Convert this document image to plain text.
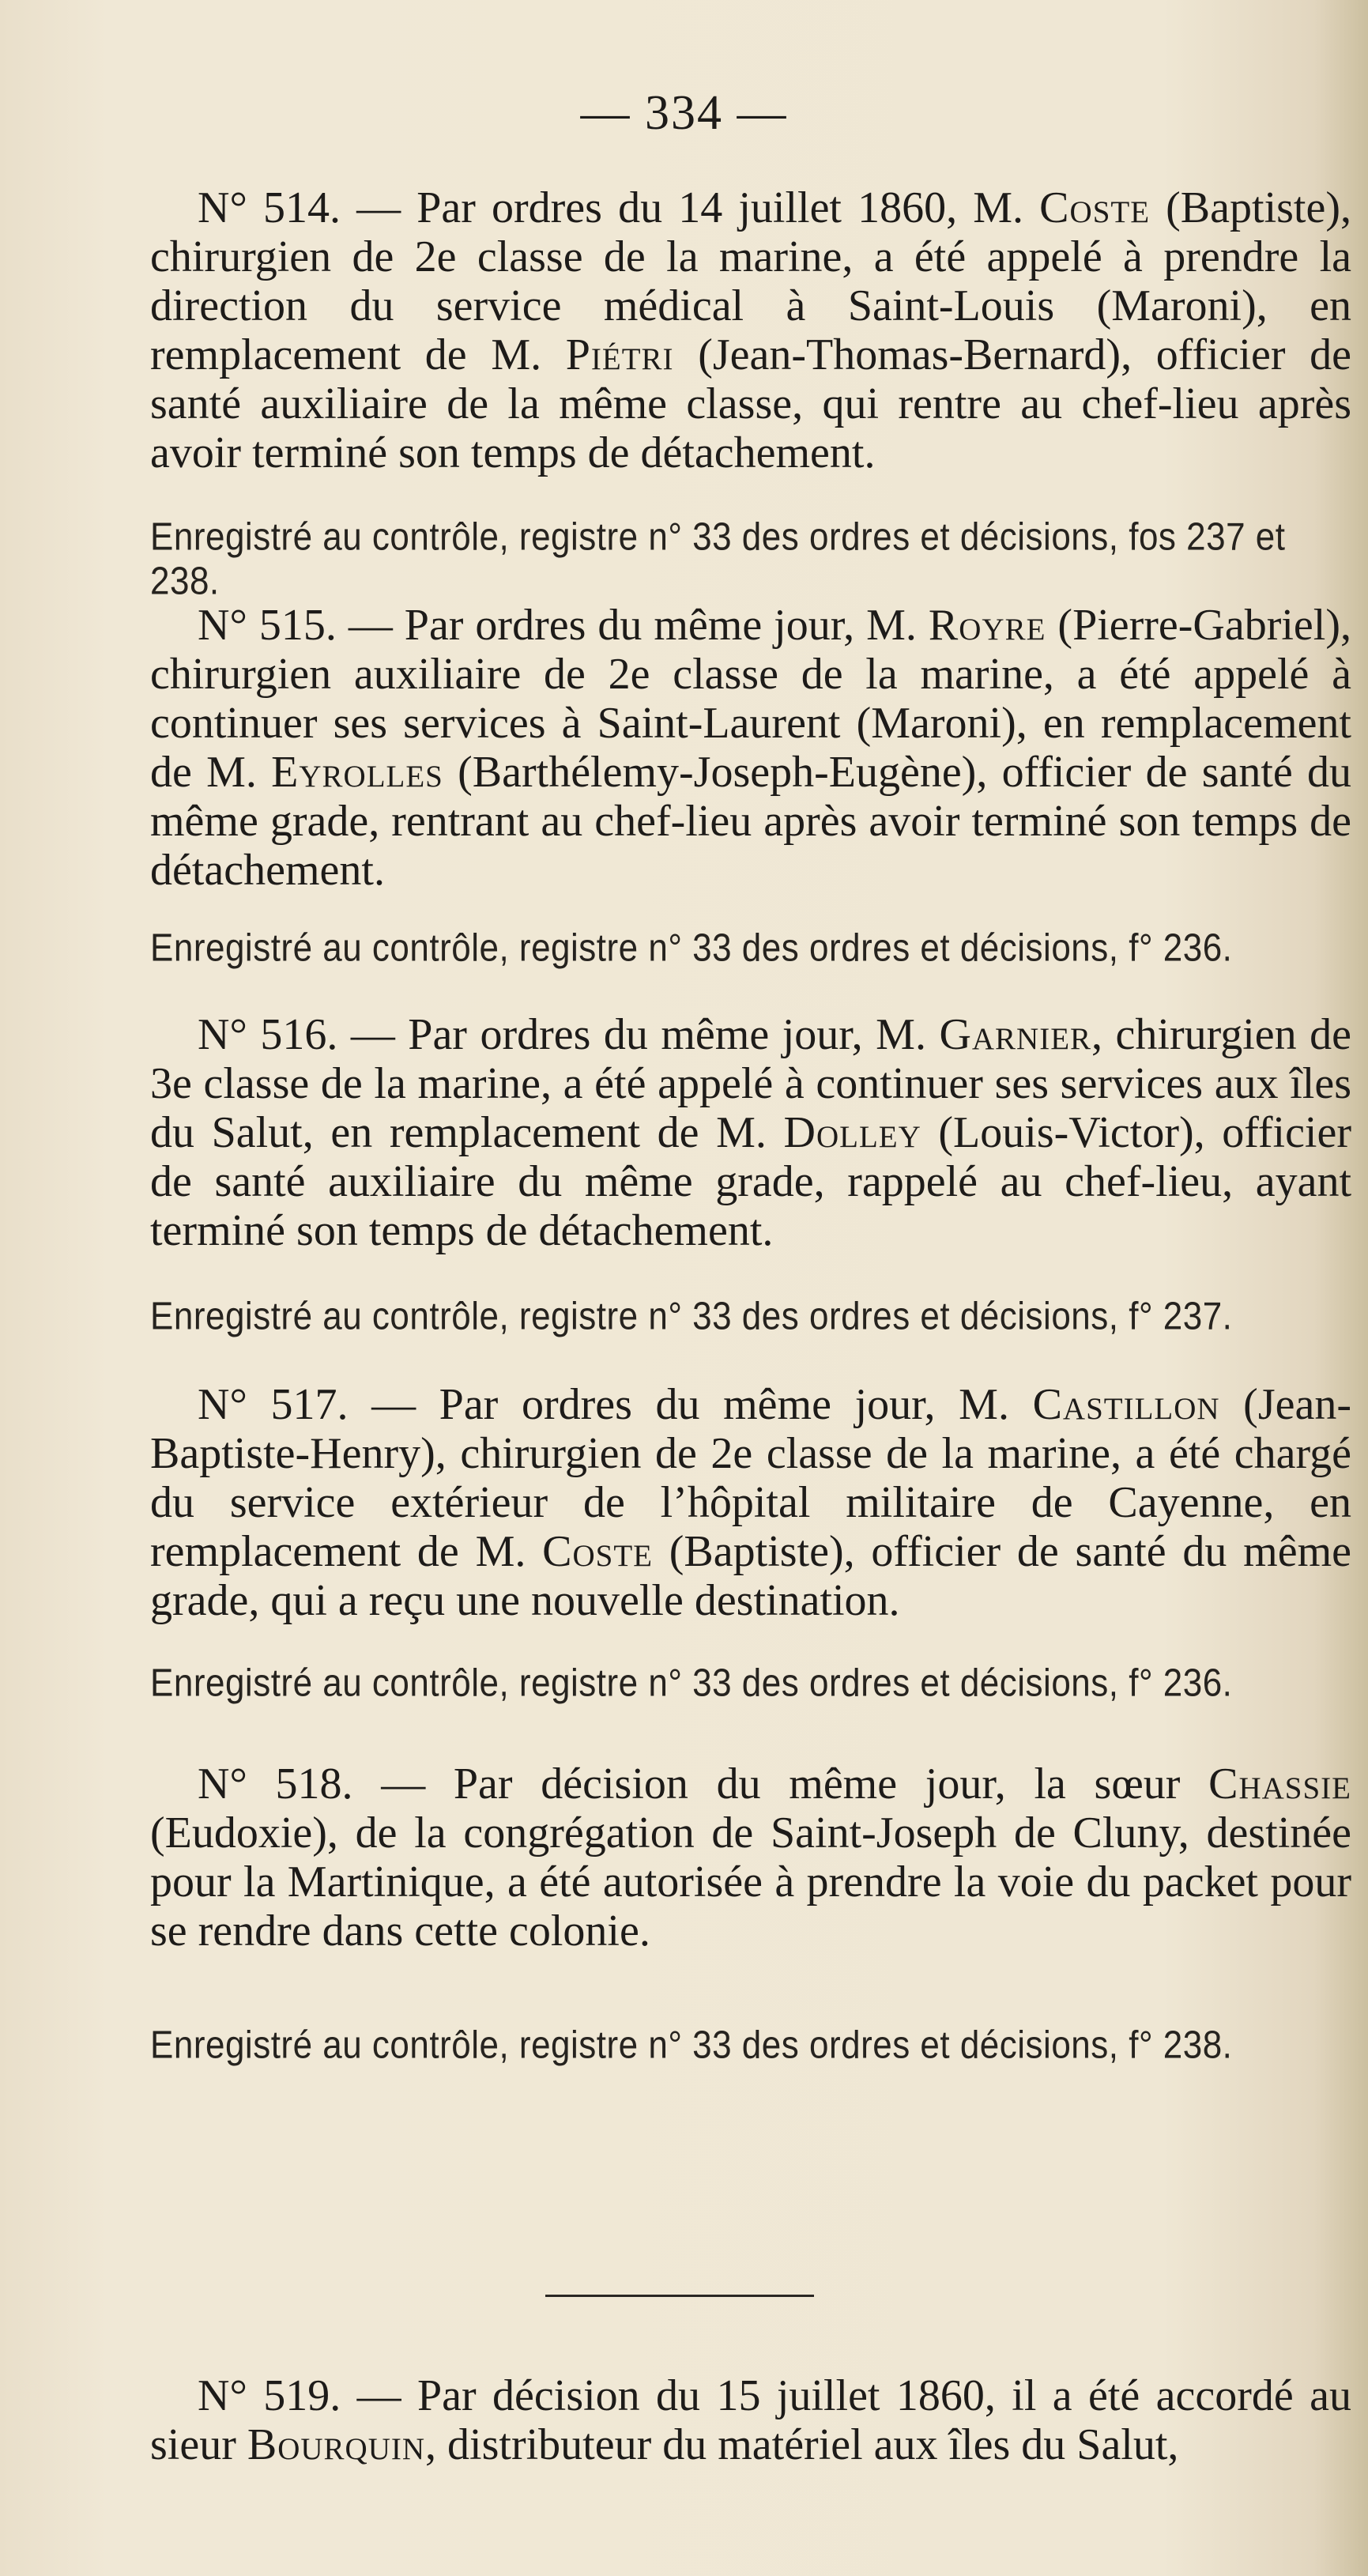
— 334 —

N° 514. — Par ordres du 14 juillet 1860, M. Coste (Baptiste), chirurgien de 2e classe de la marine, a été appelé à prendre la direction du service médical à Saint-Louis (Maroni), en remplacement de M. Piétri (Jean-Thomas-Bernard), officier de santé auxiliaire de la même classe, qui rentre au chef-lieu après avoir terminé son temps de détachement.

Enregistré au contrôle, registre n° 33 des ordres et décisions, fos 237 et 238.

N° 515. — Par ordres du même jour, M. Royre (Pierre-Gabriel), chirurgien auxiliaire de 2e classe de la marine, a été appelé à continuer ses services à Saint-Laurent (Maroni), en remplacement de M. Eyrolles (Barthélemy-Joseph-Eugène), officier de santé du même grade, rentrant au chef-lieu après avoir terminé son temps de détachement.

Enregistré au contrôle, registre n° 33 des ordres et décisions, f° 236.

N° 516. — Par ordres du même jour, M. Garnier, chirurgien de 3e classe de la marine, a été appelé à continuer ses services aux îles du Salut, en remplacement de M. Dolley (Louis-Victor), officier de santé auxiliaire du même grade, rappelé au chef-lieu, ayant terminé son temps de détachement.

Enregistré au contrôle, registre n° 33 des ordres et décisions, f° 237.

N° 517. — Par ordres du même jour, M. Castillon (Jean-Baptiste-Henry), chirurgien de 2e classe de la marine, a été chargé du service extérieur de l’hôpital militaire de Cayenne, en remplacement de M. Coste (Baptiste), officier de santé du même grade, qui a reçu une nouvelle destination.

Enregistré au contrôle, registre n° 33 des ordres et décisions, f° 236.

N° 518. — Par décision du même jour, la sœur Chassie (Eudoxie), de la congrégation de Saint-Joseph de Cluny, destinée pour la Martinique, a été autorisée à prendre la voie du packet pour se rendre dans cette colonie.

Enregistré au contrôle, registre n° 33 des ordres et décisions, f° 238.

N° 519. — Par décision du 15 juillet 1860, il a été accordé au sieur Bourquin, distributeur du matériel aux îles du Salut,
